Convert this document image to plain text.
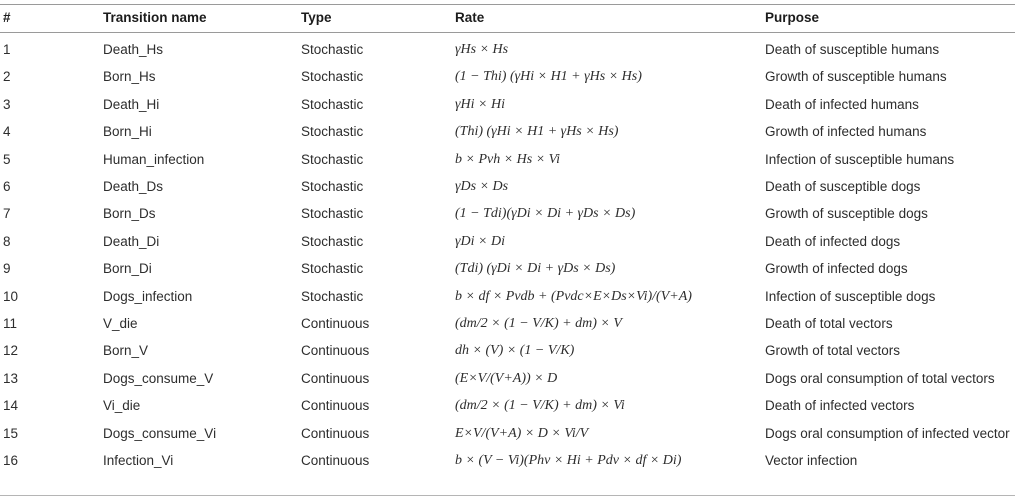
#	Transition name	Type	Rate	Purpose
1	Death_Hs	Stochastic	γHs × Hs	Death of susceptible humans
2	Born_Hs	Stochastic	(1 − Thi) (γHi × H1 + γHs × Hs)	Growth of susceptible humans
3	Death_Hi	Stochastic	γHi × Hi	Death of infected humans
4	Born_Hi	Stochastic	(Thi) (γHi × H1 + γHs × Hs)	Growth of infected humans
5	Human_infection	Stochastic	b × Pvh × Hs × Vi	Infection of susceptible humans
6	Death_Ds	Stochastic	γDs × Ds	Death of susceptible dogs
7	Born_Ds	Stochastic	(1 − Tdi)(γDi × Di + γDs × Ds)	Growth of susceptible dogs
8	Death_Di	Stochastic	γDi × Di	Death of infected dogs
9	Born_Di	Stochastic	(Tdi) (γDi × Di + γDs × Ds)	Growth of infected dogs
10	Dogs_infection	Stochastic	b × df × Pvdb + (Pvdc×E×Ds×Vi)/(V+A)	Infection of susceptible dogs
11	V_die	Continuous	(dm/2 × (1 − V/K) + dm) × V	Death of total vectors
12	Born_V	Continuous	dh × (V) × (1 − V/K)	Growth of total vectors
13	Dogs_consume_V	Continuous	(E×V/(V+A)) × D	Dogs oral consumption of total vectors
14	Vi_die	Continuous	(dm/2 × (1 − V/K) + dm) × Vi	Death of infected vectors
15	Dogs_consume_Vi	Continuous	E×V/(V+A) × D × Vi/V	Dogs oral consumption of infected vector
16	Infection_Vi	Continuous	b × (V − Vi)(Phv × Hi + Pdv × df × Di)	Vector infection
